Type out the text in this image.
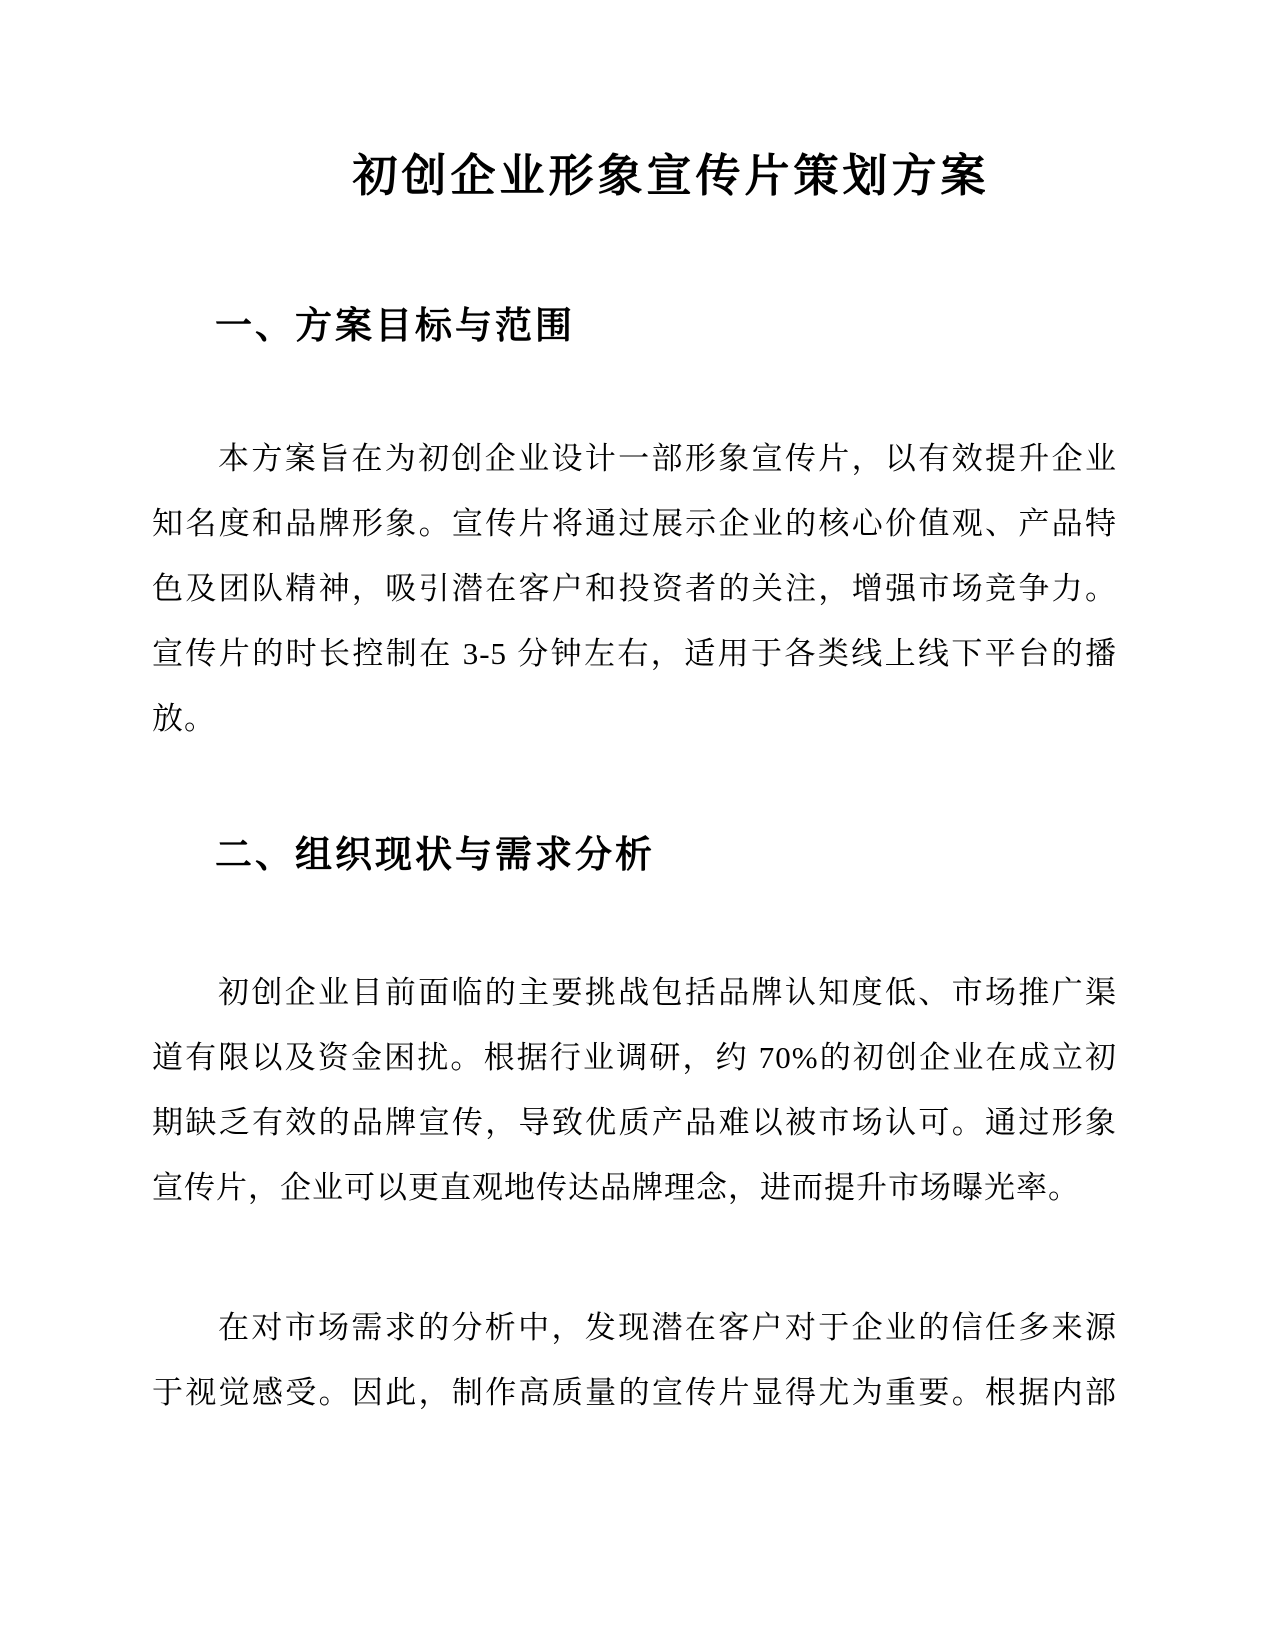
初创企业形象宣传片策划方案
一、方案目标与范围
本方案旨在为初创企业设计一部形象宣传片，以有效提升企业
知名度和品牌形象。宣传片将通过展示企业的核心价值观、产品特
色及团队精神，吸引潜在客户和投资者的关注，增强市场竞争力。
宣传片的时长控制在 3-5 分钟左右，适用于各类线上线下平台的播
放。
二、组织现状与需求分析
初创企业目前面临的主要挑战包括品牌认知度低、市场推广渠
道有限以及资金困扰。根据行业调研，约 70%的初创企业在成立初
期缺乏有效的品牌宣传，导致优质产品难以被市场认可。通过形象
宣传片，企业可以更直观地传达品牌理念，进而提升市场曝光率。
在对市场需求的分析中，发现潜在客户对于企业的信任多来源
于视觉感受。因此，制作高质量的宣传片显得尤为重要。根据内部
